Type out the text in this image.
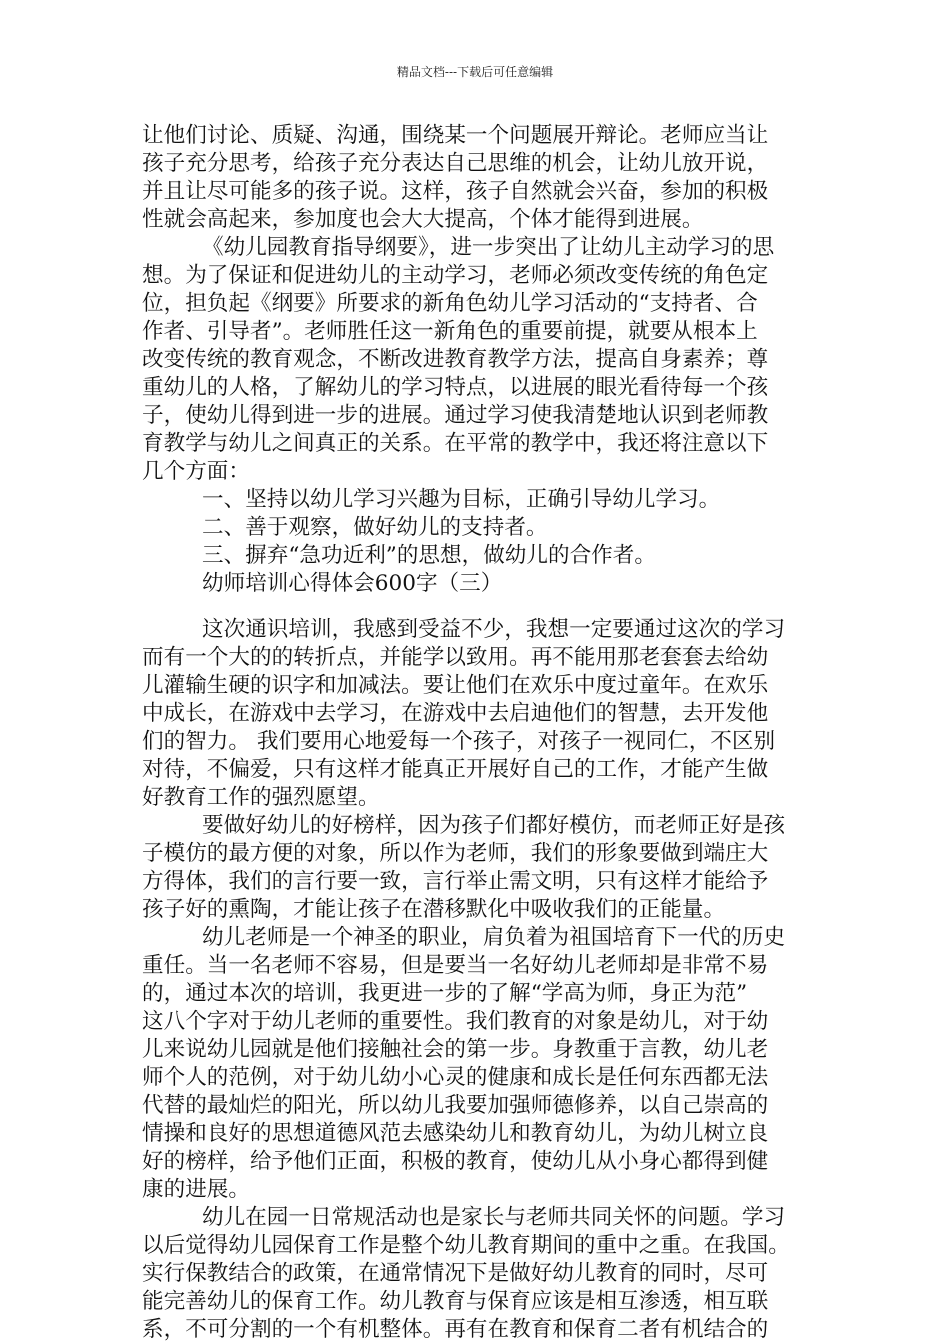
精品文档---下载后可任意编辑
让他们讨论、质疑、沟通，围绕某一个问题展开辩论。老师应当让
孩子充分思考，给孩子充分表达自己思维的机会，让幼儿放开说，
并且让尽可能多的孩子说。这样，孩子自然就会兴奋，参加的积极
性就会高起来，参加度也会大大提高，个体才能得到进展。
《幼儿园教育指导纲要》，进一步突出了让幼儿主动学习的思
想。为了保证和促进幼儿的主动学习，老师必须改变传统的角色定
位，担负起《纲要》所要求的新角色幼儿学习活动的“支持者、合
作者、引导者”。老师胜任这一新角色的重要前提，就要从根本上
改变传统的教育观念，不断改进教育教学方法，提高自身素养；尊
重幼儿的人格，了解幼儿的学习特点，以进展的眼光看待每一个孩
子，使幼儿得到进一步的进展。通过学习使我清楚地认识到老师教
育教学与幼儿之间真正的关系。在平常的教学中，我还将注意以下
几个方面：
一、坚持以幼儿学习兴趣为目标，正确引导幼儿学习。
二、善于观察，做好幼儿的支持者。
三、摒弃“急功近利”的思想，做幼儿的合作者。
幼师培训心得体会600字（三）
这次通识培训，我感到受益不少，我想一定要通过这次的学习
而有一个大的的转折点，并能学以致用。再不能用那老套套去给幼
儿灌输生硬的识字和加减法。要让他们在欢乐中度过童年。在欢乐
中成长，在游戏中去学习，在游戏中去启迪他们的智慧，去开发他
们的智力。 我们要用心地爱每一个孩子，对孩子一视同仁，不区别
对待，不偏爱，只有这样才能真正开展好自己的工作，才能产生做
好教育工作的强烈愿望。
要做好幼儿的好榜样，因为孩子们都好模仿，而老师正好是孩
子模仿的最方便的对象，所以作为老师，我们的形象要做到端庄大
方得体，我们的言行要一致，言行举止需文明，只有这样才能给予
孩子好的熏陶，才能让孩子在潜移默化中吸收我们的正能量。
幼儿老师是一个神圣的职业，肩负着为祖国培育下一代的历史
重任。当一名老师不容易，但是要当一名好幼儿老师却是非常不易
的，通过本次的培训，我更进一步的了解“学高为师，身正为范”
这八个字对于幼儿老师的重要性。我们教育的对象是幼儿，对于幼
儿来说幼儿园就是他们接触社会的第一步。身教重于言教，幼儿老
师个人的范例，对于幼儿幼小心灵的健康和成长是任何东西都无法
代替的最灿烂的阳光，所以幼儿我要加强师德修养，以自己崇高的
情操和良好的思想道德风范去感染幼儿和教育幼儿，为幼儿树立良
好的榜样，给予他们正面，积极的教育，使幼儿从小身心都得到健
康的进展。
幼儿在园一日常规活动也是家长与老师共同关怀的问题。学习
以后觉得幼儿园保育工作是整个幼儿教育期间的重中之重。在我国。
实行保教结合的政策，在通常情况下是做好幼儿教育的同时，尽可
能完善幼儿的保育工作。幼儿教育与保育应该是相互渗透，相互联
系，不可分割的一个有机整体。再有在教育和保育二者有机结合的
